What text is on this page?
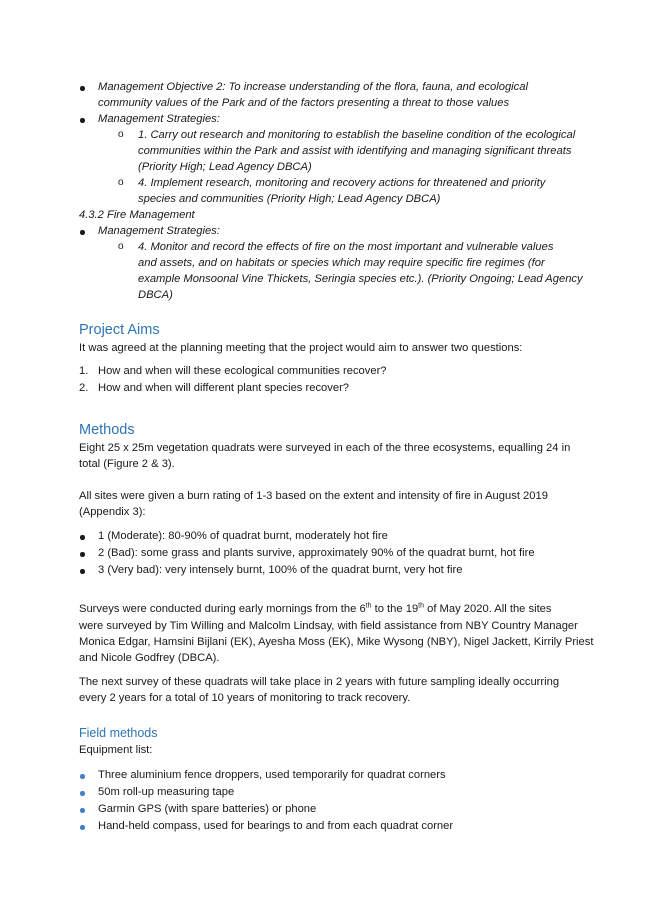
Management Objective 2: To increase understanding of the flora, fauna, and ecological
community values of the Park and of the factors presenting a threat to those values
Management Strategies:
o 1. Carry out research and monitoring to establish the baseline condition of the ecological
communities within the Park and assist with identifying and managing significant threats
(Priority High; Lead Agency DBCA)
o 4. Implement research, monitoring and recovery actions for threatened and priority
species and communities (Priority High; Lead Agency DBCA)
4.3.2 Fire Management
Management Strategies:
o 4. Monitor and record the effects of fire on the most important and vulnerable values
and assets, and on habitats or species which may require specific fire regimes (for
example Monsoonal Vine Thickets, Seringia species etc.). (Priority Ongoing; Lead Agency
DBCA)
Project Aims
It was agreed at the planning meeting that the project would aim to answer two questions:
1. How and when will these ecological communities recover?
2. How and when will different plant species recover?
Methods
Eight 25 x 25m vegetation quadrats were surveyed in each of the three ecosystems, equalling 24 in
total (Figure 2 & 3).
All sites were given a burn rating of 1-3 based on the extent and intensity of fire in August 2019
(Appendix 3):
1 (Moderate): 80-90% of quadrat burnt, moderately hot fire
2 (Bad): some grass and plants survive, approximately 90% of the quadrat burnt, hot fire
3 (Very bad): very intensely burnt, 100% of the quadrat burnt, very hot fire
Surveys were conducted during early mornings from the 6th to the 19th of May 2020. All the sites
were surveyed by Tim Willing and Malcolm Lindsay, with field assistance from NBY Country Manager
Monica Edgar, Hamsini Bijlani (EK), Ayesha Moss (EK), Mike Wysong (NBY), Nigel Jackett, Kirrily Priest
and Nicole Godfrey (DBCA).
The next survey of these quadrats will take place in 2 years with future sampling ideally occurring
every 2 years for a total of 10 years of monitoring to track recovery.
Field methods
Equipment list:
Three aluminium fence droppers, used temporarily for quadrat corners
50m roll-up measuring tape
Garmin GPS (with spare batteries) or phone
Hand-held compass, used for bearings to and from each quadrat corner
